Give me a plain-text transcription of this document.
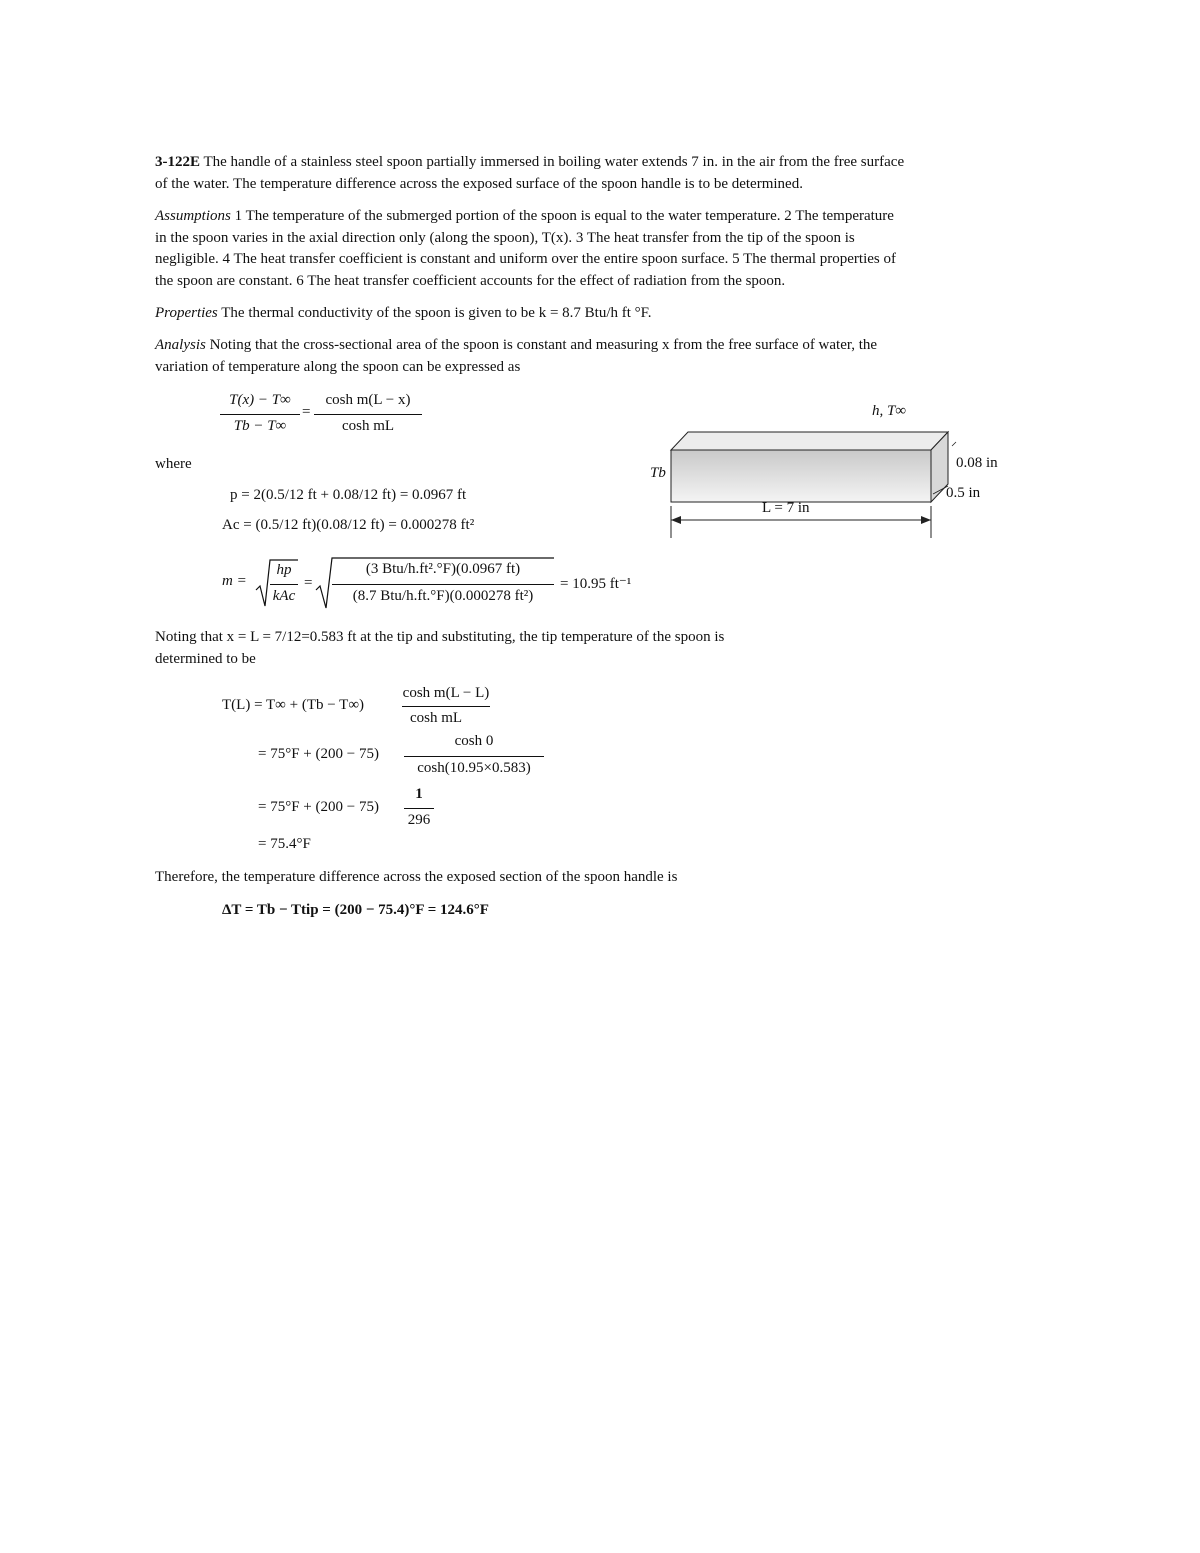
3-122E The handle of a stainless steel spoon partially immersed in boiling water extends 7 in. in the air from the free surface
of the water. The temperature difference across the exposed surface of the spoon handle is to be determined.
Assumptions 1 The temperature of the submerged portion of the spoon is equal to the water temperature. 2 The temperature
in the spoon varies in the axial direction only (along the spoon), T(x). 3 The heat transfer from the tip of the spoon is
negligible. 4 The heat transfer coefficient is constant and uniform over the entire spoon surface. 5 The thermal properties of
the spoon are constant. 6 The heat transfer coefficient accounts for the effect of radiation from the spoon.
Properties The thermal conductivity of the spoon is given to be k = 8.7 Btu/h ft °F.
Analysis Noting that the cross-sectional area of the spoon is constant and measuring x from the free surface of water, the
variation of temperature along the spoon can be expressed as
T(x) − T∞
Tb − T∞
=
cosh m(L − x)
cosh mL
where
p = 2(0.5/12 ft + 0.08/12 ft) = 0.0967 ft
Ac = (0.5/12 ft)(0.08/12 ft) = 0.000278 ft²
m =
hp
kAc
=
(3 Btu/h.ft².°F)(0.0967 ft)
(8.7 Btu/h.ft.°F)(0.000278 ft²)
= 10.95 ft⁻¹
Noting that x = L = 7/12=0.583 ft at the tip and substituting, the tip temperature of the spoon is
determined to be
T(L) = T∞ + (Tb − T∞)
cosh m(L − L)
cosh mL
= 75°F + (200 − 75)
cosh 0
cosh(10.95×0.583)
= 75°F + (200 − 75)
1
296
= 75.4°F
Therefore, the temperature difference across the exposed section of the spoon handle is
ΔT = Tb − Ttip = (200 − 75.4)°F = 124.6°F
h, T∞
Tb
0.08 in
0.5 in
L = 7 in
